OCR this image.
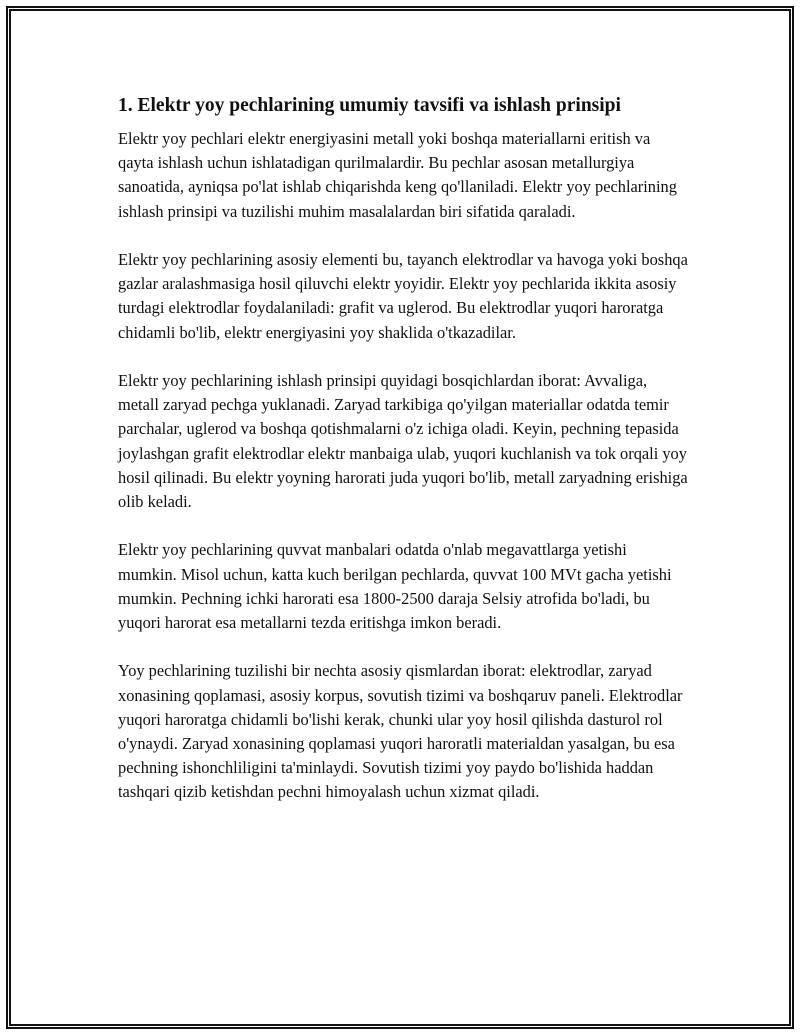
1. Elektr yoy pechlarining umumiy tavsifi va ishlash prinsipi

Elektr yoy pechlari elektr energiyasini metall yoki boshqa materiallarni eritish va qayta ishlash uchun ishlatadigan qurilmalardir. Bu pechlar asosan metallurgiya sanoatida, ayniqsa po'lat ishlab chiqarishda keng qo'llaniladi. Elektr yoy pechlarining ishlash prinsipi va tuzilishi muhim masalalardan biri sifatida qaraladi.

Elektr yoy pechlarining asosiy elementi bu, tayanch elektrodlar va havoga yoki boshqa gazlar aralashmasiga hosil qiluvchi elektr yoyidir. Elektr yoy pechlarida ikkita asosiy turdagi elektrodlar foydalaniladi: grafit va uglerod. Bu elektrodlar yuqori haroratga chidamli bo'lib, elektr energiyasini yoy shaklida o'tkazadilar.

Elektr yoy pechlarining ishlash prinsipi quyidagi bosqichlardan iborat: Avvaliga, metall zaryad pechga yuklanadi. Zaryad tarkibiga qo'yilgan materiallar odatda temir parchalar, uglerod va boshqa qotishmalarni o'z ichiga oladi. Keyin, pechning tepasida joylashgan grafit elektrodlar elektr manbaiga ulab, yuqori kuchlanish va tok orqali yoy hosil qilinadi. Bu elektr yoyning harorati juda yuqori bo'lib, metall zaryadning erishiga olib keladi.

Elektr yoy pechlarining quvvat manbalari odatda o'nlab megavattlarga yetishi mumkin. Misol uchun, katta kuch berilgan pechlarda, quvvat 100 MVt gacha yetishi mumkin. Pechning ichki harorati esa 1800-2500 daraja Selsiy atrofida bo'ladi, bu yuqori harorat esa metallarni tezda eritishga imkon beradi.

Yoy pechlarining tuzilishi bir nechta asosiy qismlardan iborat: elektrodlar, zaryad xonasining qoplamasi, asosiy korpus, sovutish tizimi va boshqaruv paneli. Elektrodlar yuqori haroratga chidamli bo'lishi kerak, chunki ular yoy hosil qilishda dasturol rol o'ynaydi. Zaryad xonasining qoplamasi yuqori haroratli materialdan yasalgan, bu esa pechning ishonchliligini ta'minlaydi. Sovutish tizimi yoy paydo bo'lishida haddan tashqari qizib ketishdan pechni himoyalash uchun xizmat qiladi.
